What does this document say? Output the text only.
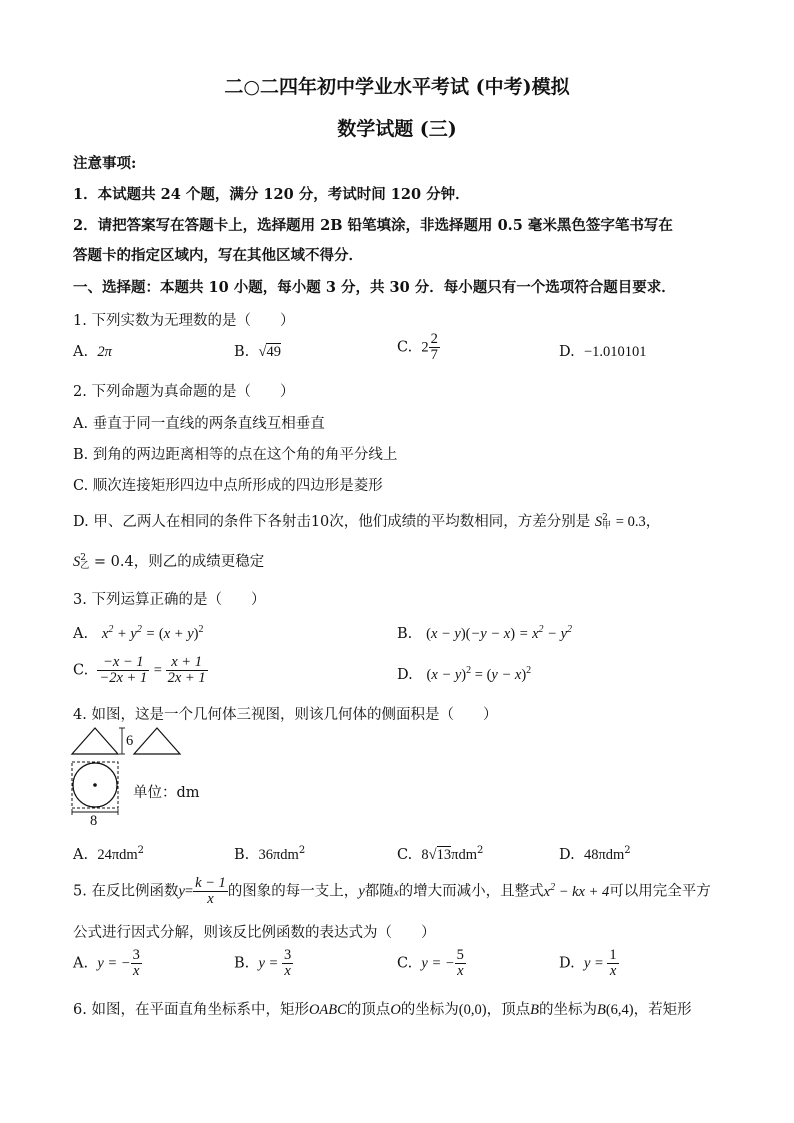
二○二四年初中学业水平考试 (中考)模拟
数学试题 (三)
注意事项:
1．本试题共 24 个题，满分 120 分，考试时间 120 分钟．
2．请把答案写在答题卡上，选择题用 2B 铅笔填涂，非选择题用 0.5 毫米黑色签字笔书写在
答题卡的指定区域内，写在其他区域不得分．
一、选择题：本题共 10 小题，每小题 3 分，共 30 分．每小题只有一个选项符合题目要求．
1. 下列实数为无理数的是（　　）
A. 2π	B. √49	C. $2 \frac{2}{7}$	D. −1.010101
2. 下列命题为真命题的是（　　）
A. 垂直于同一直线的两条直线互相垂直
B. 到角的两边距离相等的点在这个角的角平分线上
C. 顺次连接矩形四边中点所形成的四边形是菱形
D. 甲、乙两人在相同的条件下各射击10次，他们成绩的平均数相同，方差分别是 S 2
甲 = 0.3，
S 2
乙 = 0.4，则乙的成绩更稳定
3. 下列运算正确的是（　　）
A. $x^2 + y^2 = (x + y)^2$	B. $(x - y)(-y - x) = x^2 - y^2$
C. $\frac{-x - 1}{-2x + 1} = \frac{x + 1}{2x + 1}$	D. $(x - y)^2 = (y - x)^2$
4. 如图，这是一个几何体三视图，则该几何体的侧面积是（　　）
6
8
单位：dm
A. 24πdm$^2$	B. 36πdm$^2$	C. 8√13πdm$^2$	D. 48πdm$^2$
5. 在反比例函数$y= \frac{k - 1}{x}$ 的图象的每一支上，y都随x的增大而减小，且整式$x^2$ − kx + 4可以用完全平方
公式进行因式分解，则该反比例函数的表达式为（　　）
A. y = − $\frac{3}{x}$	B. $y = \frac{3}{x}$	C. y = − $\frac{5}{x}$	D. $y = \frac{1}{x}$
6. 如图，在平面直角坐标系中，矩形OABC的顶点O的坐标为(0,0)，顶点B的坐标为B(6,4)，若矩形
